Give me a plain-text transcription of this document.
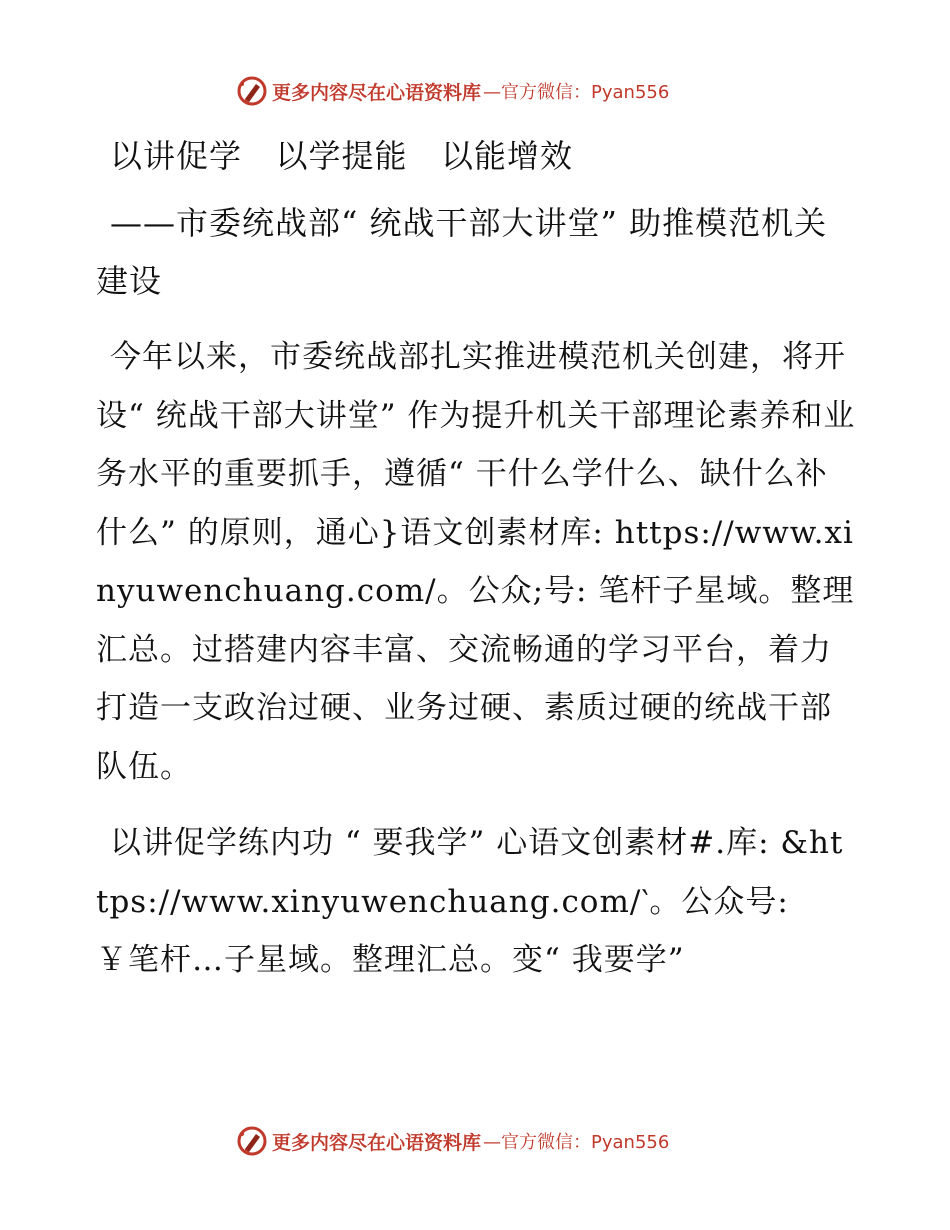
更多内容尽在心语资料库 —官方微信：Pyan556
以讲促学   以学提能   以能增效
——市委统战部“ 统战干部大讲堂” 助推模范机关建设
今年以来，市委统战部扎实推进模范机关创建，将开设“ 统战干部大讲堂” 作为提升机关干部理论素养和业务水平的重要抓手，遵循“ 干什么学什么、缺什么补什么” 的原则，通心}语文创素材库: https://www.xinyuwenchuang.com/。公众;号: 笔杆子星域。整理汇总。过搭建内容丰富、交流畅通的学习平台，着力打造一支政治过硬、业务过硬、素质过硬的统战干部队伍。
以讲促学练内功 “ 要我学” 心语文创素材#.库: &https://www.xinyuwenchuang.com/‵。公众号: ￥笔杆…子星域。整理汇总。变“ 我要学”
更多内容尽在心语资料库 —官方微信：Pyan556
